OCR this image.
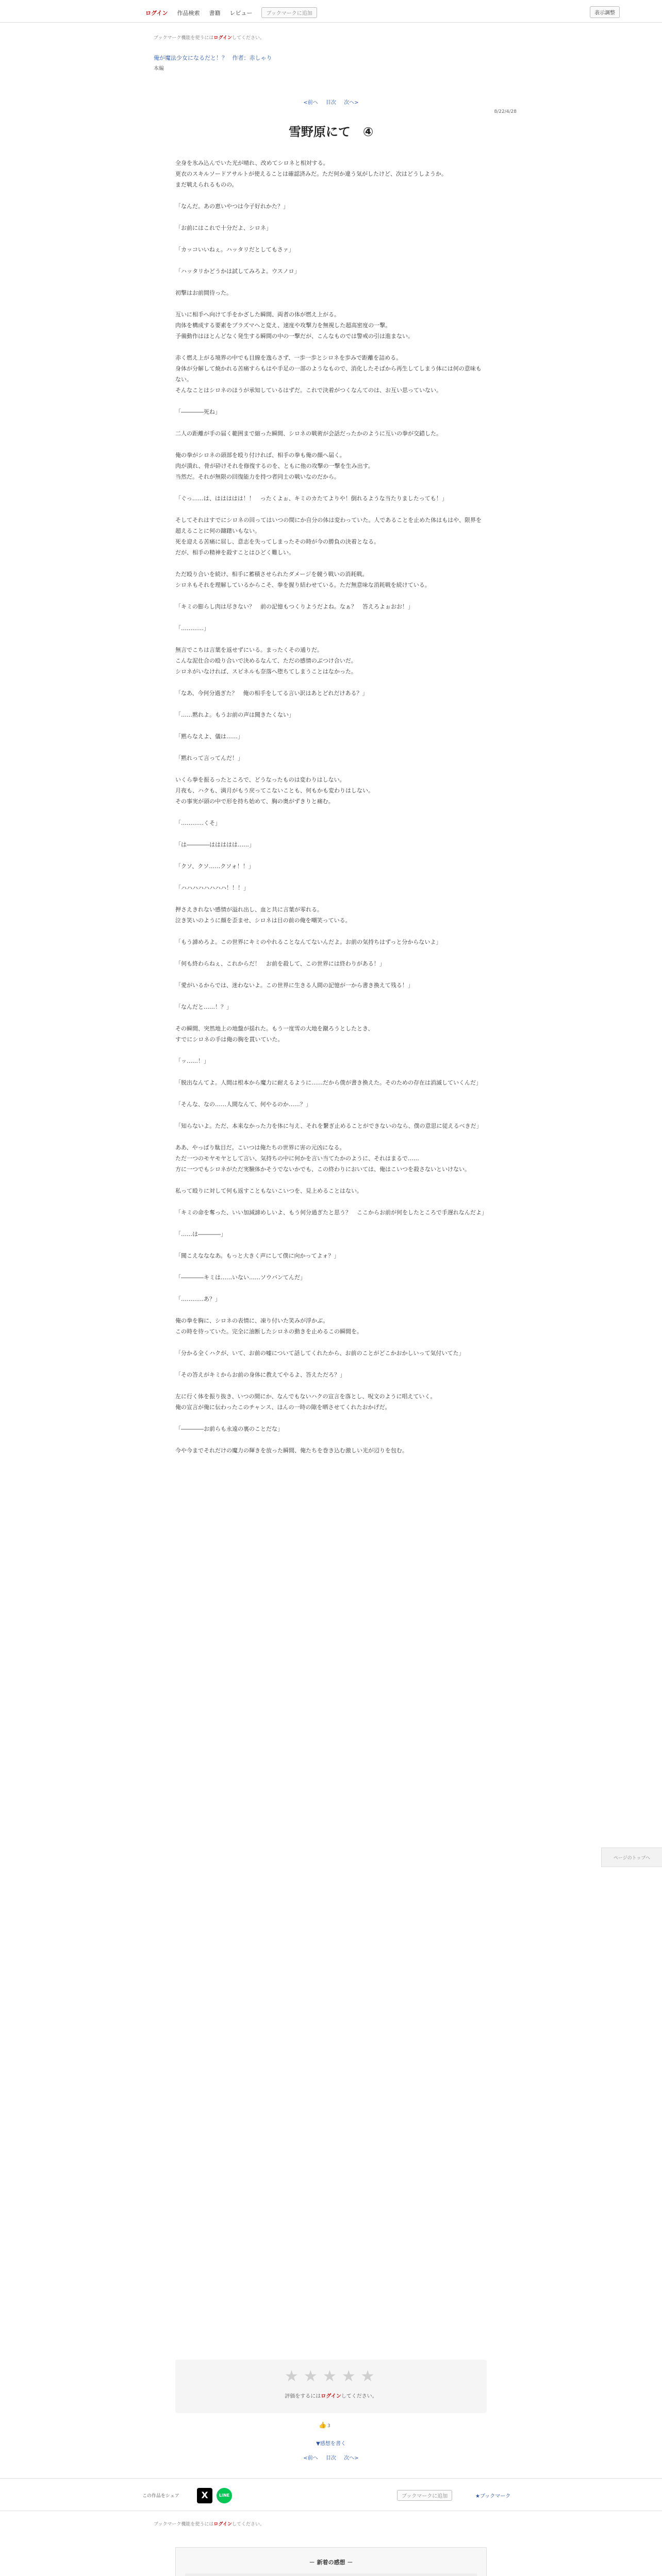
ログイン 作品検索 書籍 レビュー	ブックマークに追加	表示調整
ブックマーク機能を使うにはログインしてください。
俺が魔法少女になるだと！？ 作者：赤しゃり
本編
<前へ 目次 次へ>
8/22/4/28
雪野原にて　④

全身を氷み込んでいた光が晴れ、改めてシロネと相対する。

更衣のスキルソードアサルトが使えることは確認済みだ。ただ何か違う気がしたけど、次はどうしようか。

まだ戦えられるものの。

「なんだ。あの恵いやつは今子好れかた？」

「お前にはこれで十分だよ、シロネ」

「カッコいいねぇ。ハッタリだとしてもさァ」

「ハッタリかどうかは試してみろよ。ウスノロ」

初撃はお前間待った。

互いに相手へ向けて手をかざした瞬間、両者の体が燃え上がる。

肉体を構成する要素をプラズマへと変え、速度や攻撃力を無視した超高密度の一撃。

予備動作はほとんどなく発生する瞬間の中の一撃だが、こんなものでは警戒の引は進まない。

赤く燃え上がる境界の中でも目線を逸らさず、一歩一歩とシロネを歩みで距離を詰める。

身体が分解して焼かれる苦痛すらもはや手足の一部のようなもので、消化したそばから再生してしまう体には何の意味もない。

そんなことはシロネのほうが承知しているはずだ。これで決着がつくなんてのは、お互い思っていない。

「――――死ね」

二人の距離が手の届く範囲まで縮った瞬間、シロネの戦術が会話だったかのように互いの拳が交錯した。

俺の拳がシロネの頭部を殴り付ければ、相手の拳も俺の顔へ届く。

肉が潰れ、骨が砕けそれを修復するのを、ともに他の攻撃の一撃を生み出す。

当然だ。それが無限の回復能力を持つ者同士の戦いなのだから。

「ぐっ……は、ははははは！！　ったくよぉ、キミのカたてよりや！倒れるような当たりましたっても！」

そしてそれはすでにシロネの回ってはいつの間にか自分の体は変わっていた。人であることを止めた体はもはや、限界を超えることに何の躊躇いもない。

死を迎える苦痛に屈し、意志を失ってしまったその時が今の勝負の決着となる。

だが、相手の精神を殺すことはひどく難しい。

ただ殴り合いを続け、相手に蓄積させられたダメージを競う戦いの消耗戦。

シロネもそれを理解しているからこそ、拳を握り結わせている。ただ無意味な消耗戦を続けている。

「キミの膨らし肉は尽きない？　前の記憶もつくりようだよね。なぁ？　答えろよぉおお！」

「…………」

無言でこちは言葉を返せずにいる。まったくその通りだ。

こんな泥仕合の殴り合いで決めるなんて、ただの感情のぶつけ合いだ。

シロネがいなければ、スピネルも奈落へ堕ちてしまうことはなかった。

「なあ、今何分過ぎた？　俺の相手をしてる言い訳はあとどれだけある？」

「……黙れよ。もうお前の声は聞きたくない」

「黙らなえよ、儀は……」

「黙れって言ってんだ！」

いくら拳を振るったところで、どうなったものは変わりはしない。

月夜も、ハクも、満月がもう戻ってこないことも、何もかも変わりはしない。

その事実が頭の中で形を持ち始めて、胸の奥がずきりと痛む。

「…………くそ」

「は――――ははははは……」

「クソ、クソ……クソォ！！」

「ハハハハハハハハ！！！」

押さえきれない感情が溢れ出し、血と共に言葉が零れる。

泣き笑いのように顔を歪ませ、シロネは目の前の俺を嘲笑っている。

「もう諦めろよ。この世界にキミのやれることなんてないんだよ。お前の気持ちはずっと分からないよ」

「何も終わらねぇ、これからだ！　お前を殺して、この世界には終わりがある！」

「愛がいるからでは、迷わないよ。この世界に生きる人間の記憶が一から書き換えて残る！」

「なんだと……！？」

その瞬間、突然地上の地盤が揺れた。もう一度雪の大地を蹴ろうとしたとき、

すでにシロネの手は俺の胸を貫いていた。

「ッ……！」

「脱出なんてよ。人間は根本から魔力に耐えるように……だから僕が書き換えた。そのための存在は消滅していくんだ」

「そんな、なの……人間なんて、何やるのか……？」

「知らないよ。ただ、本来なかった力を体に与え、それを繋ぎ止めることができないのなら、僕の意思に従えるべきだ」

ああ、やっぱり駄目だ。こいつは俺たちの世界に害の元凶になる。

ただ一つのモヤモヤとして言い、気持ちの中に何かを言い当てたかのように、それはまるで……

方に一つでもシロネがただ実験体かそうでないかでも、この終わりにおいては、俺はこいつを殺さないといけない。

私って殴りに対して何も返すこともないこいつを、見上めることはない。

「キミの命を奪った、いい加減諦めしいよ、もう何分過ぎたと思う？　ここからお前が何をしたところで手遅れなんだよ」

「……は――――」

「聞こえなななあ。もっと大きく声にして僕に向かってよォ？」

「――――キミは……いない……ソウバンてんだ」

「…………あ？」

俺の拳を胸に、シロネの表情に、凍り付いた笑みが浮かぶ。

この時を待っていた。完全に油断したシロネの動きを止めるこの瞬間を。

「分かる全くハクが、いて、お前の嘘について話してくれたから、お前のことがどこかおかしいって気付いてた」

「その答えがキミからお前の身体に教えてやるよ、答えただろ？」

左に行く体を振り抜き、いつの間にか、なんでもないハクの宣言を落とし、呪文のように唱えていく。

俺の宣言が俺に伝わったこのチャンス、ほんの一時の隙を晒させてくれたおかげだ。

「――――お前らも永遠の裏のことだな」

今や今までそれだけの魔力の輝きを放った瞬間、俺たちを巻き込む激しい光が辺りを包む。

ページのトップへ
★ ★ ★ ★ ★
評価をするにはログインしてください。
👍 3
▼感想を書く
<前へ 目次 次へ>
この作品をシェア	X	LINE	ブックマークに追加	★ブックマーク
ブックマーク機能を使うにはログインしてください。
－ 新着の感想 －
